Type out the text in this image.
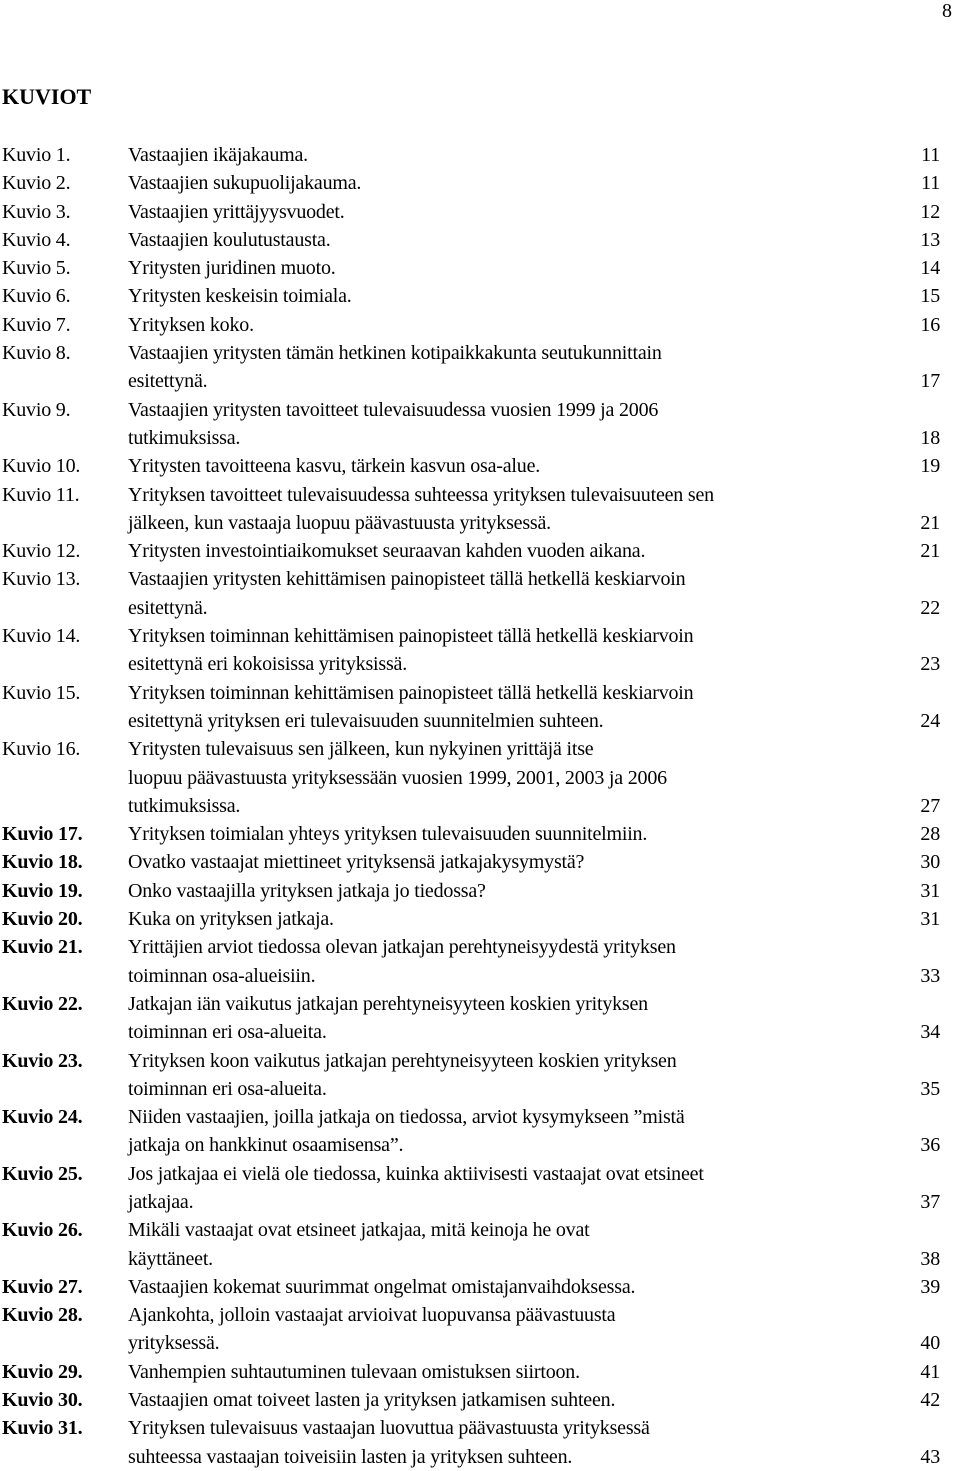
8
KUVIOT
Kuvio 1.	Vastaajien ikäjakauma.	11
Kuvio 2.	Vastaajien sukupuolijakauma.	11
Kuvio 3.	Vastaajien yrittäjyysvuodet.	12
Kuvio 4.	Vastaajien koulutustausta.	13
Kuvio 5.	Yritysten juridinen muoto.	14
Kuvio 6.	Yritysten keskeisin toimiala.	15
Kuvio 7.	Yrityksen koko.	16
Kuvio 8.	Vastaajien yritysten tämän hetkinen kotipaikkakunta seutukunnittain
esitettynä.	17
Kuvio 9.	Vastaajien yritysten tavoitteet tulevaisuudessa vuosien 1999 ja 2006
tutkimuksissa.	18
Kuvio 10.	Yritysten tavoitteena kasvu, tärkein kasvun osa-alue.	19
Kuvio 11.	Yrityksen tavoitteet tulevaisuudessa suhteessa yrityksen tulevaisuuteen sen
jälkeen, kun vastaaja luopuu päävastuusta yrityksessä.	21
Kuvio 12.	Yritysten investointiaikomukset seuraavan kahden vuoden aikana.	21
Kuvio 13.	Vastaajien yritysten kehittämisen painopisteet tällä hetkellä keskiarvoin
esitettynä.	22
Kuvio 14.	Yrityksen toiminnan kehittämisen painopisteet tällä hetkellä keskiarvoin
esitettynä eri kokoisissa yrityksissä.	23
Kuvio 15.	Yrityksen toiminnan kehittämisen painopisteet tällä hetkellä keskiarvoin
esitettynä yrityksen eri tulevaisuuden suunnitelmien suhteen.	24
Kuvio 16.	Yritysten tulevaisuus sen jälkeen, kun nykyinen yrittäjä itse
luopuu päävastuusta yrityksessään vuosien 1999, 2001, 2003 ja 2006
tutkimuksissa.	27
Kuvio 17.	Yrityksen toimialan yhteys yrityksen tulevaisuuden suunnitelmiin.	28
Kuvio 18.	Ovatko vastaajat miettineet yrityksensä jatkajakysymystä?	30
Kuvio 19.	Onko vastaajilla yrityksen jatkaja jo tiedossa?	31
Kuvio 20.	Kuka on yrityksen jatkaja.	31
Kuvio 21.	Yrittäjien arviot tiedossa olevan jatkajan perehtyneisyydestä yrityksen
toiminnan osa-alueisiin.	33
Kuvio 22.	Jatkajan iän vaikutus jatkajan perehtyneisyyteen koskien yrityksen
toiminnan eri osa-alueita.	34
Kuvio 23.	Yrityksen koon vaikutus jatkajan perehtyneisyyteen koskien yrityksen
toiminnan eri osa-alueita.	35
Kuvio 24.	Niiden vastaajien, joilla jatkaja on tiedossa, arviot kysymykseen ”mistä
jatkaja on hankkinut osaamisensa”.	36
Kuvio 25.	Jos jatkajaa ei vielä ole tiedossa, kuinka aktiivisesti vastaajat ovat etsineet
jatkajaa.	37
Kuvio 26.	Mikäli vastaajat ovat etsineet jatkajaa, mitä keinoja he ovat
käyttäneet.	38
Kuvio 27.	Vastaajien kokemat suurimmat ongelmat omistajanvaihdoksessa.	39
Kuvio 28.	Ajankohta, jolloin vastaajat arvioivat luopuvansa päävastuusta
yrityksessä.	40
Kuvio 29.	Vanhempien suhtautuminen tulevaan omistuksen siirtoon.	41
Kuvio 30.	Vastaajien omat toiveet lasten ja yrityksen jatkamisen suhteen.	42
Kuvio 31.	Yrityksen tulevaisuus vastaajan luovuttua päävastuusta yrityksessä
suhteessa vastaajan toiveisiin lasten ja yrityksen suhteen.	43
